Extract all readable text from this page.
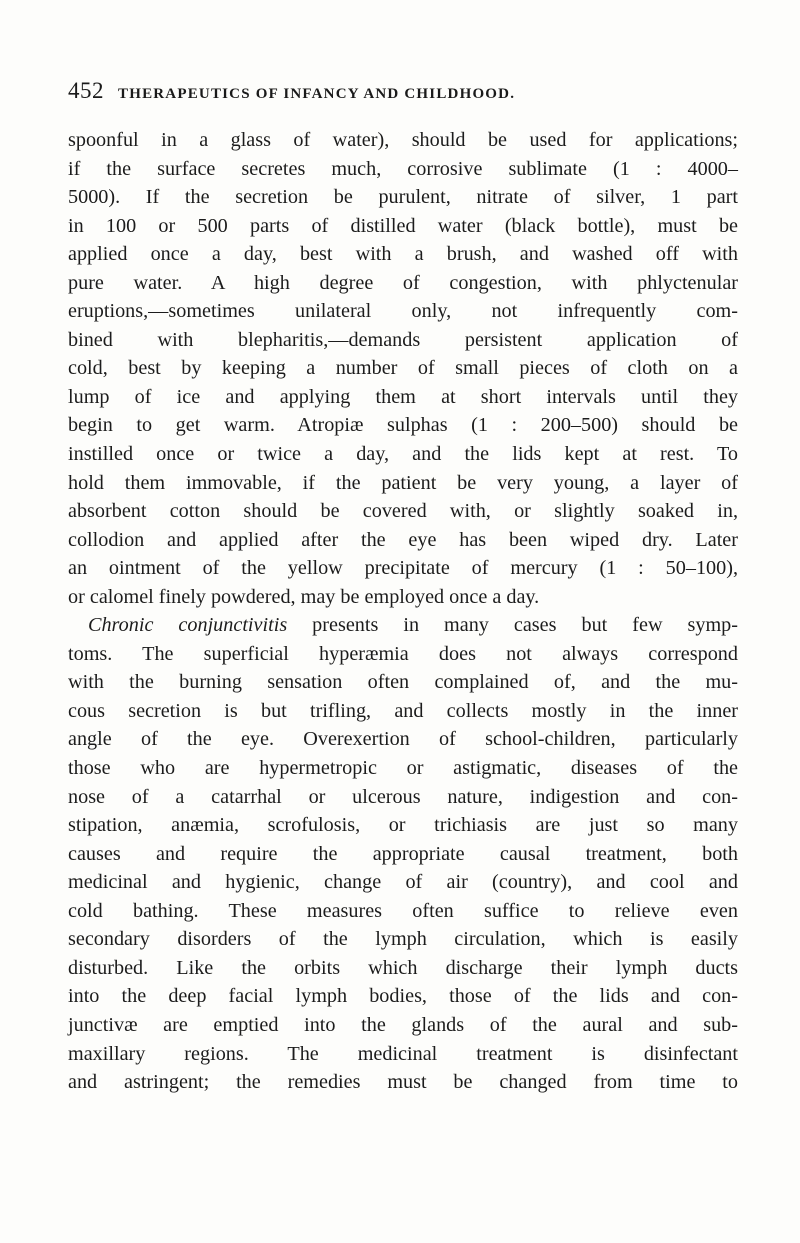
452 THERAPEUTICS OF INFANCY AND CHILDHOOD.
spoonful in a glass of water), should be used for applications;
if the surface secretes much, corrosive sublimate (1 : 4000–
5000). If the secretion be purulent, nitrate of silver, 1 part
in 100 or 500 parts of distilled water (black bottle), must be
applied once a day, best with a brush, and washed off with
pure water. A high degree of congestion, with phlyctenular
eruptions,—sometimes unilateral only, not infrequently com-
bined with blepharitis,—demands persistent application of
cold, best by keeping a number of small pieces of cloth on a
lump of ice and applying them at short intervals until they
begin to get warm. Atropiæ sulphas (1 : 200–500) should be
instilled once or twice a day, and the lids kept at rest. To
hold them immovable, if the patient be very young, a layer of
absorbent cotton should be covered with, or slightly soaked in,
collodion and applied after the eye has been wiped dry. Later
an ointment of the yellow precipitate of mercury (1 : 50–100),
or calomel finely powdered, may be employed once a day.
Chronic conjunctivitis presents in many cases but few symp-
toms. The superficial hyperæmia does not always correspond
with the burning sensation often complained of, and the mu-
cous secretion is but trifling, and collects mostly in the inner
angle of the eye. Overexertion of school-children, particularly
those who are hypermetropic or astigmatic, diseases of the
nose of a catarrhal or ulcerous nature, indigestion and con-
stipation, anæmia, scrofulosis, or trichiasis are just so many
causes and require the appropriate causal treatment, both
medicinal and hygienic, change of air (country), and cool and
cold bathing. These measures often suffice to relieve even
secondary disorders of the lymph circulation, which is easily
disturbed. Like the orbits which discharge their lymph ducts
into the deep facial lymph bodies, those of the lids and con-
junctivæ are emptied into the glands of the aural and sub-
maxillary regions. The medicinal treatment is disinfectant
and astringent; the remedies must be changed from time to
